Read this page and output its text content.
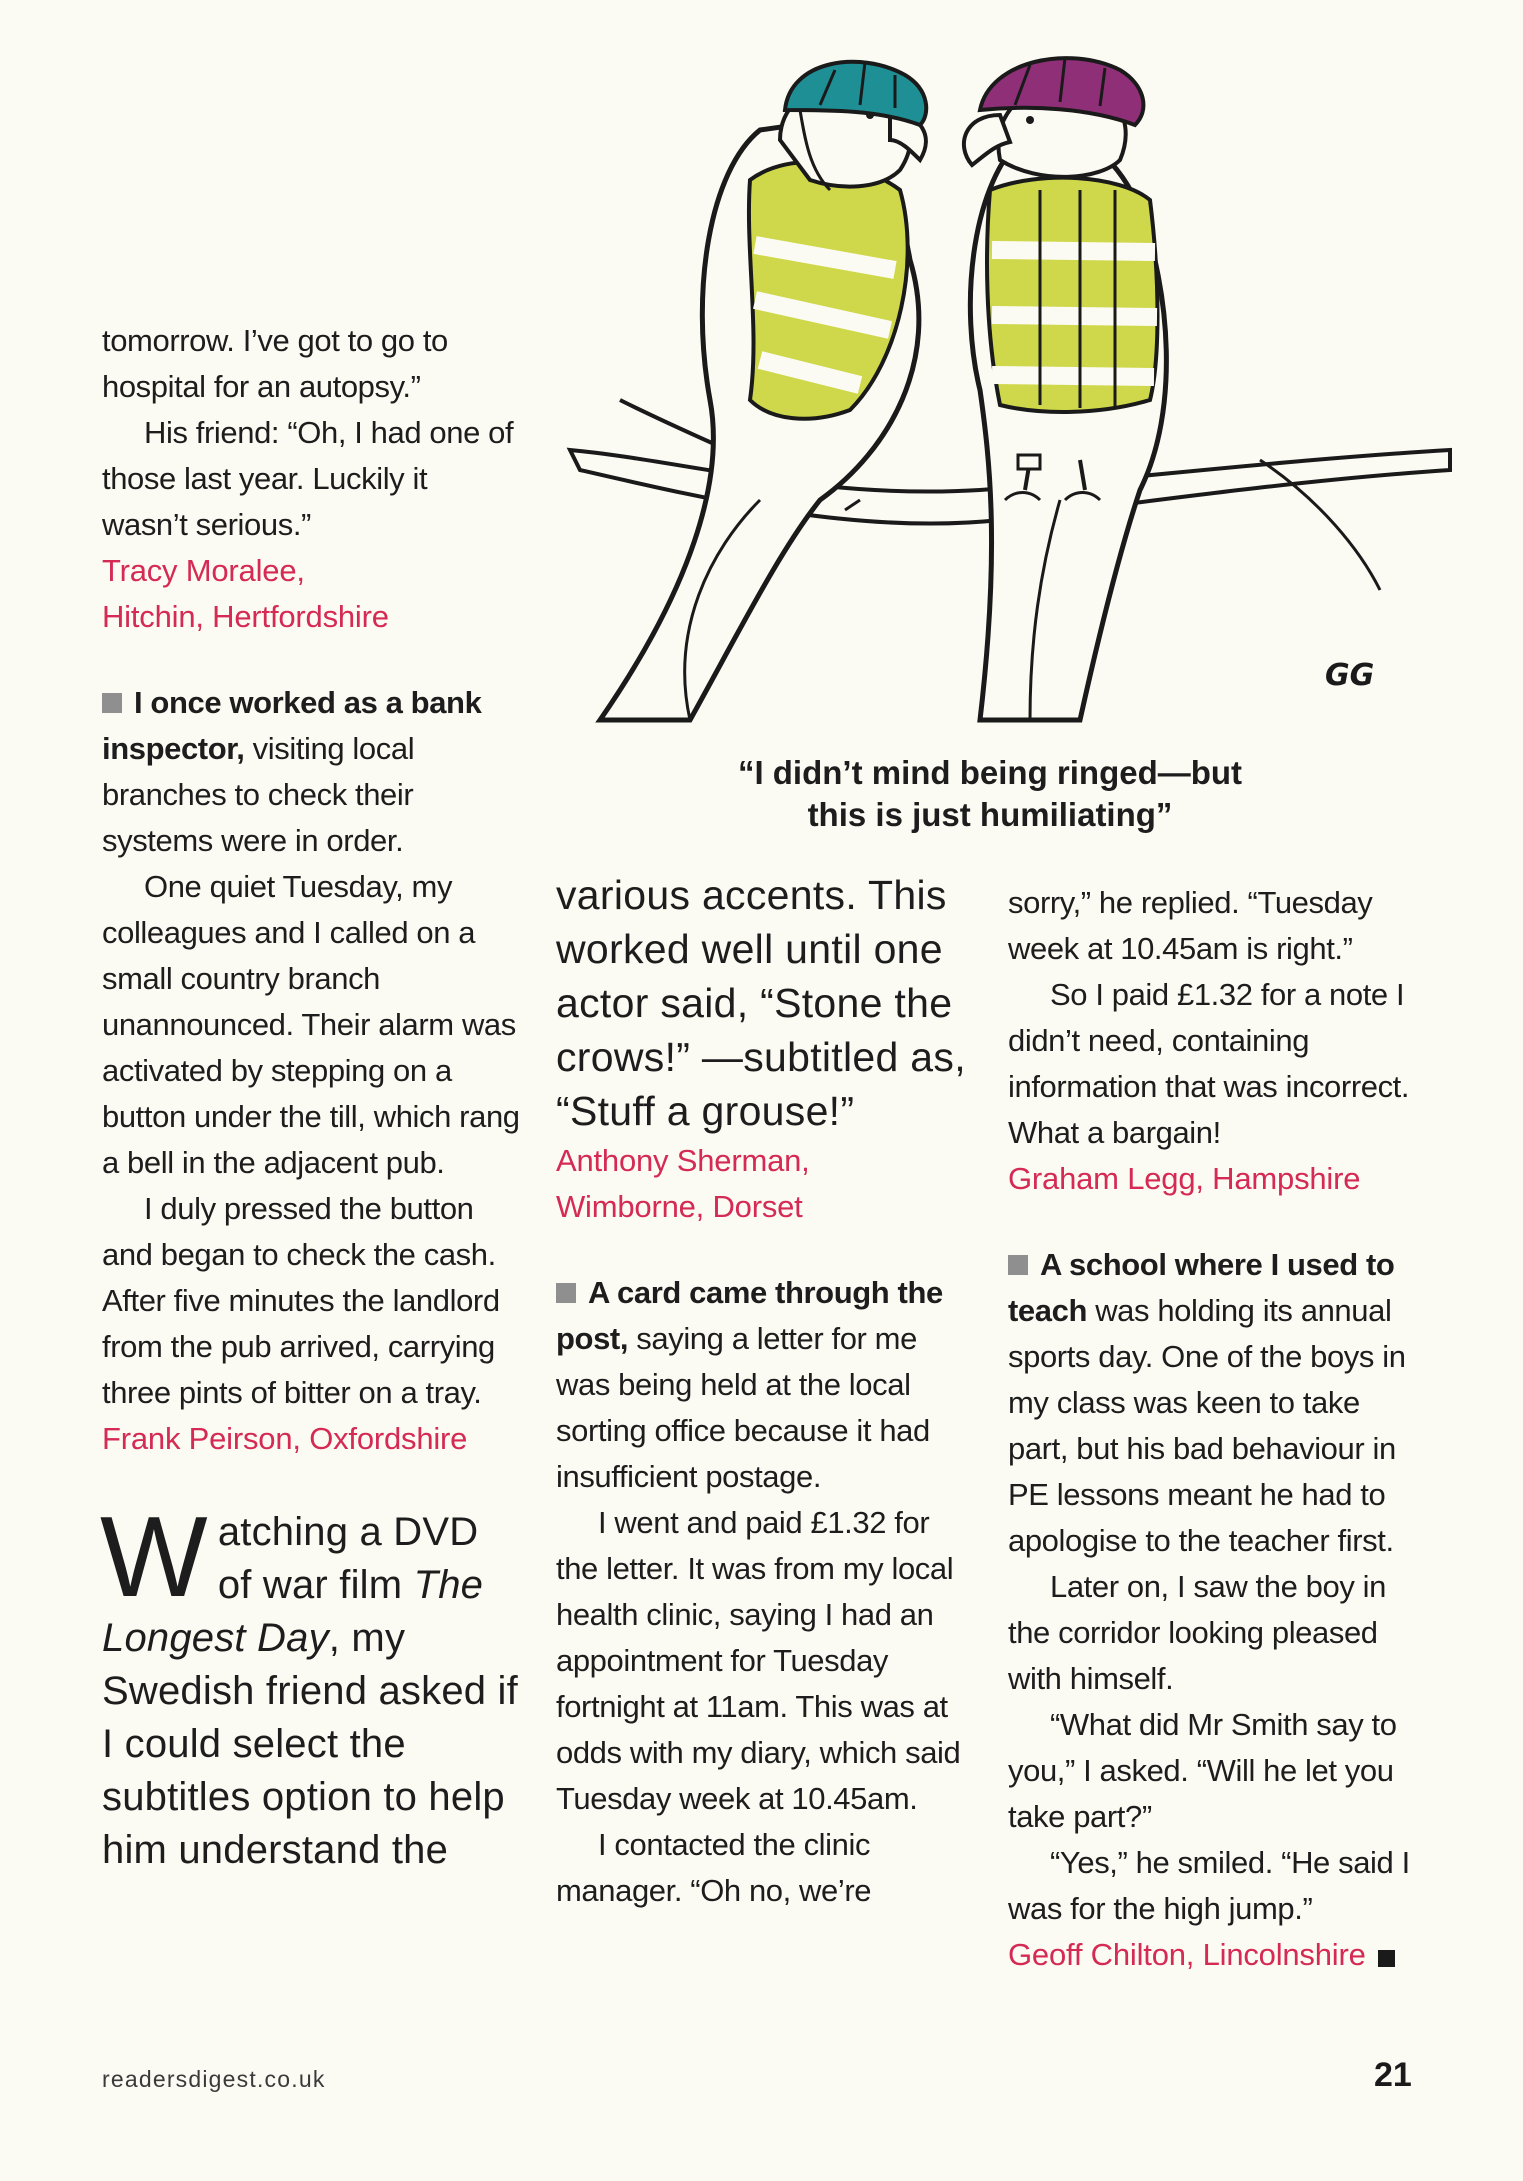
GG
“I didn’t mind being ringed—but
this is just humiliating”

tomorrow. I’ve got to go to hospital for an autopsy.”

His friend: “Oh, I had one of those last year. Luckily it wasn’t serious.”

Tracy Moralee,

Hitchin, Hertfordshire

I once worked as a bank inspector, visiting local branches to check their systems were in order.

One quiet Tuesday, my colleagues and I called on a small country branch unannounced. Their alarm was activated by stepping on a button under the till, which rang a bell in the adjacent pub.

I duly pressed the button and began to check the cash. After five minutes the landlord from the pub arrived, carrying three pints of bitter on a tray.

Frank Peirson, Oxfordshire

Watching a DVD of war film The Longest Day, my Swedish friend asked if I could select the subtitles option to help him understand the

various accents. This worked well until one actor said, “Stone the crows!” —subtitled as, “Stuff a grouse!”

Anthony Sherman,

Wimborne, Dorset

A card came through the post, saying a letter for me was being held at the local sorting office because it had insufficient postage.

I went and paid £1.32 for the letter. It was from my local health clinic, saying I had an appointment for Tuesday fortnight at 11am. This was at odds with my diary, which said Tuesday week at 10.45am.

I contacted the clinic manager. “Oh no, we’re

sorry,” he replied. “Tuesday week at 10.45am is right.”

So I paid £1.32 for a note I didn’t need, containing information that was incorrect. What a bargain!

Graham Legg, Hampshire

A school where I used to teach was holding its annual sports day. One of the boys in my class was keen to take part, but his bad behaviour in PE lessons meant he had to apologise to the teacher first.

Later on, I saw the boy in the corridor looking pleased with himself.

“What did Mr Smith say to you,” I asked. “Will he let you take part?”

“Yes,” he smiled. “He said I was for the high jump.”

Geoff Chilton, Lincolnshire

readersdigest.co.uk	21
